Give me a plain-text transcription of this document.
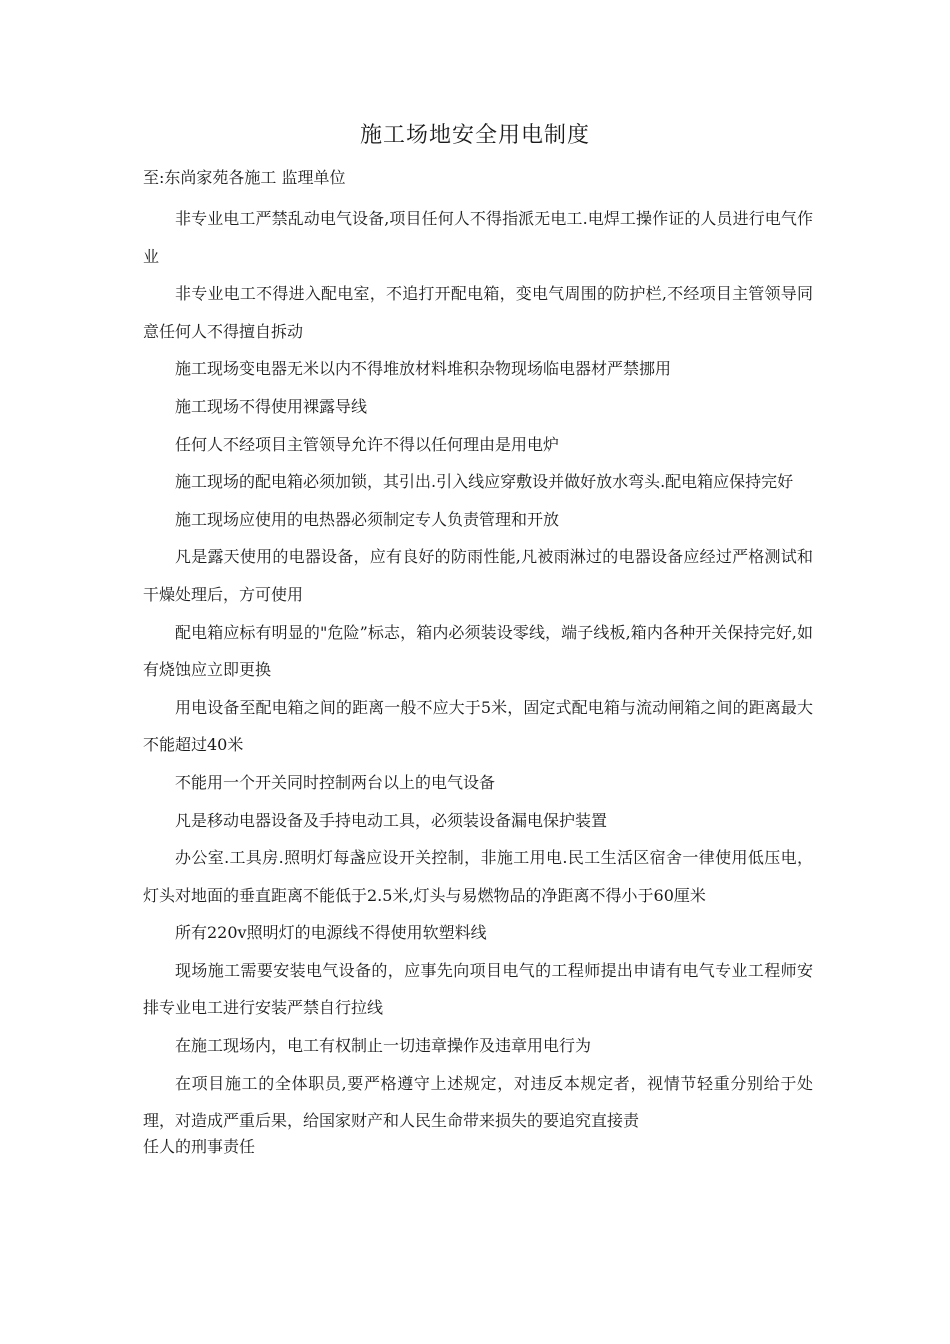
施工场地安全用电制度

至:东尚家苑各施工 监理单位

非专业电工严禁乱动电气设备,项目任何人不得指派无电工.电焊工操作证的人员进行电气作业

非专业电工不得进入配电室，不追打开配电箱，变电气周围的防护栏,不经项目主管领导同意任何人不得擅自拆动

施工现场变电器无米以内不得堆放材料堆积杂物现场临电器材严禁挪用

施工现场不得使用裸露导线

任何人不经项目主管领导允许不得以任何理由是用电炉

施工现场的配电箱必须加锁，其引出.引入线应穿敷设并做好放水弯头.配电箱应保持完好

施工现场应使用的电热器必须制定专人负责管理和开放

凡是露天使用的电器设备，应有良好的防雨性能,凡被雨淋过的电器设备应经过严格测试和干燥处理后，方可使用

配电箱应标有明显的"危险”标志，箱内必须装设零线，端子线板,箱内各种开关保持完好,如有烧蚀应立即更换

用电设备至配电箱之间的距离一般不应大于5米，固定式配电箱与流动闸箱之间的距离最大不能超过40米

不能用一个开关同时控制两台以上的电气设备

凡是移动电器设备及手持电动工具，必须装设备漏电保护装置

办公室.工具房.照明灯每盏应设开关控制，非施工用电.民工生活区宿舍一律使用低压电，灯头对地面的垂直距离不能低于2.5米,灯头与易燃物品的净距离不得小于60厘米

所有220v照明灯的电源线不得使用软塑料线

现场施工需要安装电气设备的，应事先向项目电气的工程师提出申请有电气专业工程师安排专业电工进行安装严禁自行拉线

在施工现场内，电工有权制止一切违章操作及违章用电行为

在项目施工的全体职员,要严格遵守上述规定，对违反本规定者，视情节轻重分别给于处理，对造成严重后果，给国家财产和人民生命带来损失的要追究直接责

任人的刑事责任
